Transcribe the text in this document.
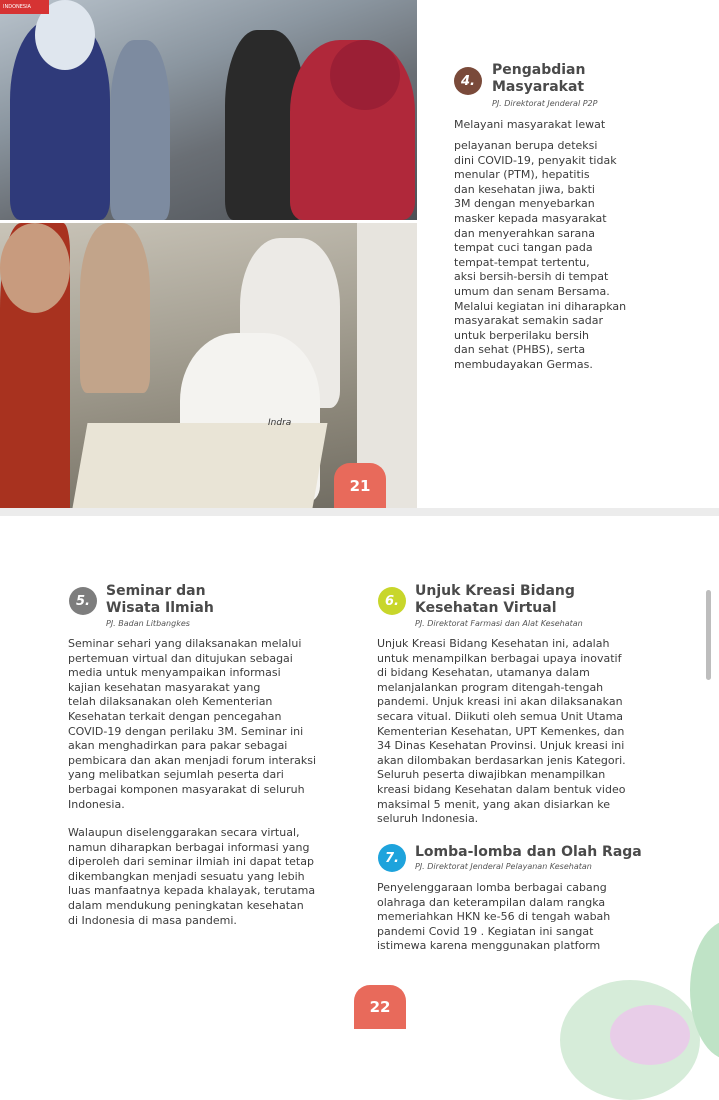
INDONESIA
Indra
21
4.
Pengabdian
Masyarakat
PJ. Direktorat Jenderal P2P

Melayani masyarakat lewat

pelayanan berupa deteksi
dini COVID-19, penyakit tidak
menular (PTM), hepatitis
dan kesehatan jiwa, bakti
3M dengan menyebarkan
masker kepada masyarakat
dan menyerahkan sarana
tempat cuci tangan pada
tempat-tempat tertentu,
aksi bersih-bersih di tempat
umum dan senam Bersama.
Melalui kegiatan ini diharapkan
masyarakat semakin sadar
untuk berperilaku bersih
dan sehat (PHBS), serta
membudayakan Germas.

5.
Seminar dan
Wisata Ilmiah
PJ. Badan Litbangkes

Seminar sehari yang dilaksanakan melalui
pertemuan virtual dan ditujukan sebagai
media untuk menyampaikan informasi
kajian kesehatan masyarakat yang
telah dilaksanakan oleh Kementerian
Kesehatan terkait dengan pencegahan
COVID-19 dengan perilaku 3M. Seminar ini
akan menghadirkan para pakar sebagai
pembicara dan akan menjadi forum interaksi
yang melibatkan sejumlah peserta dari
berbagai komponen masyarakat di seluruh
Indonesia.

Walaupun diselenggarakan secara virtual,
namun diharapkan berbagai informasi yang
diperoleh dari seminar ilmiah ini dapat tetap
dikembangkan menjadi sesuatu yang lebih
luas manfaatnya kepada khalayak, terutama
dalam mendukung peningkatan kesehatan
di Indonesia di masa pandemi.

6.
Unjuk Kreasi Bidang
Kesehatan Virtual
PJ. Direktorat Farmasi dan Alat Kesehatan

Unjuk Kreasi Bidang Kesehatan ini, adalah
untuk menampilkan berbagai upaya inovatif
di bidang Kesehatan, utamanya dalam
melanjalankan program ditengah-tengah
pandemi. Unjuk kreasi ini akan dilaksanakan
secara vitual. Diikuti oleh semua Unit Utama
Kementerian Kesehatan, UPT Kemenkes, dan
34 Dinas Kesehatan Provinsi. Unjuk kreasi ini
akan dilombakan berdasarkan jenis Kategori.
Seluruh peserta diwajibkan menampilkan
kreasi bidang Kesehatan dalam bentuk video
maksimal 5 menit, yang akan disiarkan ke
seluruh Indonesia.

7.	Lomba-lomba dan Olah Raga
PJ. Direktorat Jenderal Pelayanan Kesehatan

Penyelenggaraan lomba berbagai cabang
olahraga dan keterampilan dalam rangka
memeriahkan HKN ke-56 di tengah wabah
pandemi Covid 19 . Kegiatan ini sangat
istimewa karena menggunakan platform

22
